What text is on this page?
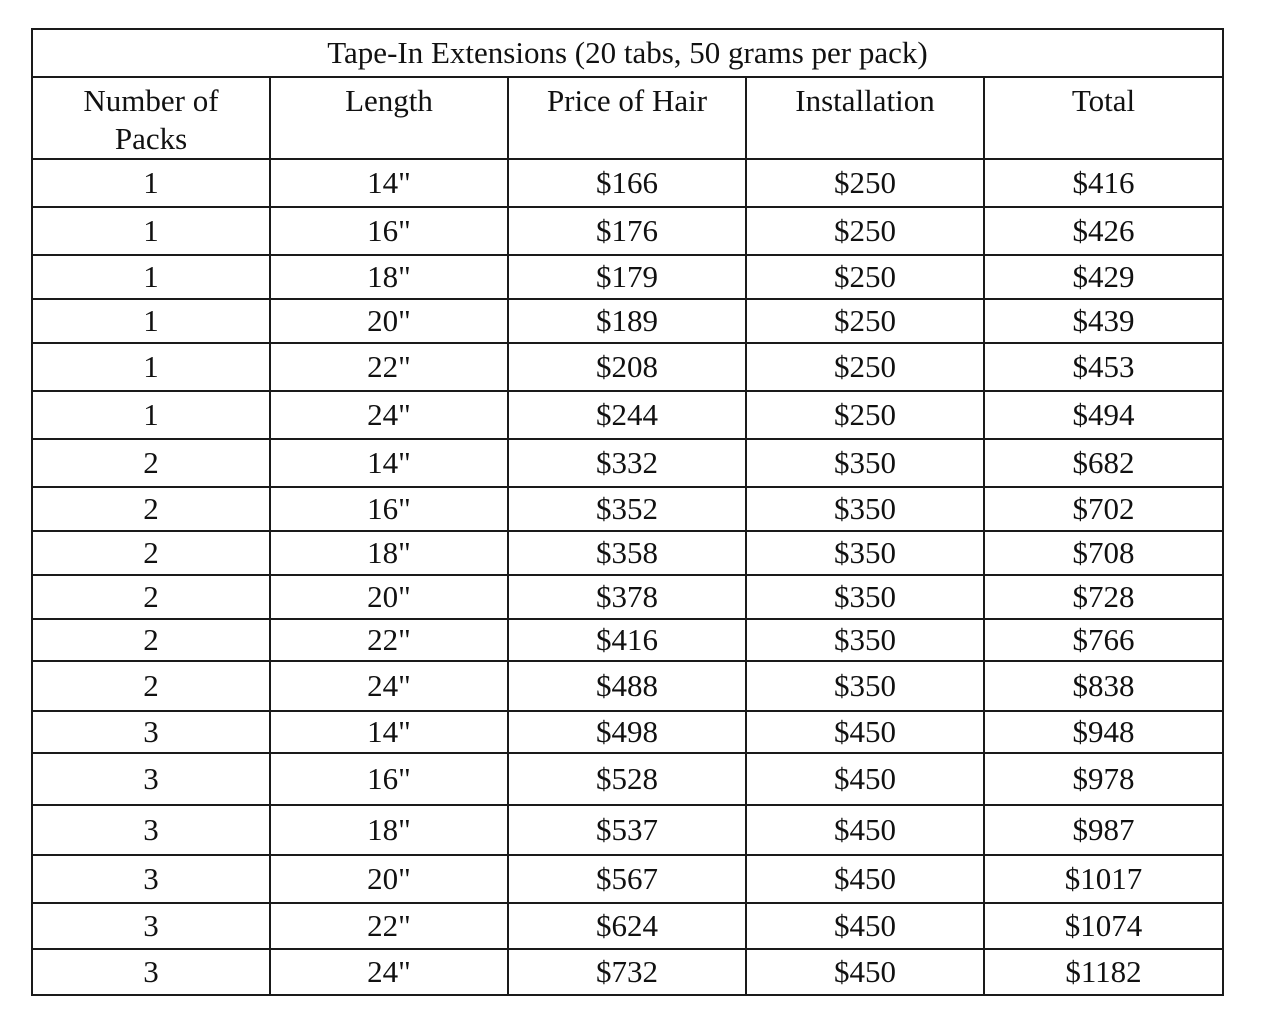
Tape-In Extensions (20 tabs, 50 grams per pack)				

Number of
Packs	Length	Price of Hair	Installation	Total
1	14"	$166	$250	$416
1	16"	$176	$250	$426
1	18"	$179	$250	$429
1	20"	$189	$250	$439
1	22"	$208	$250	$453
1	24"	$244	$250	$494
2	14"	$332	$350	$682
2	16"	$352	$350	$702
2	18"	$358	$350	$708
2	20"	$378	$350	$728
2	22"	$416	$350	$766
2	24"	$488	$350	$838
3	14"	$498	$450	$948
3	16"	$528	$450	$978
3	18"	$537	$450	$987
3	20"	$567	$450	$1017
3	22"	$624	$450	$1074
3	24"	$732	$450	$1182
